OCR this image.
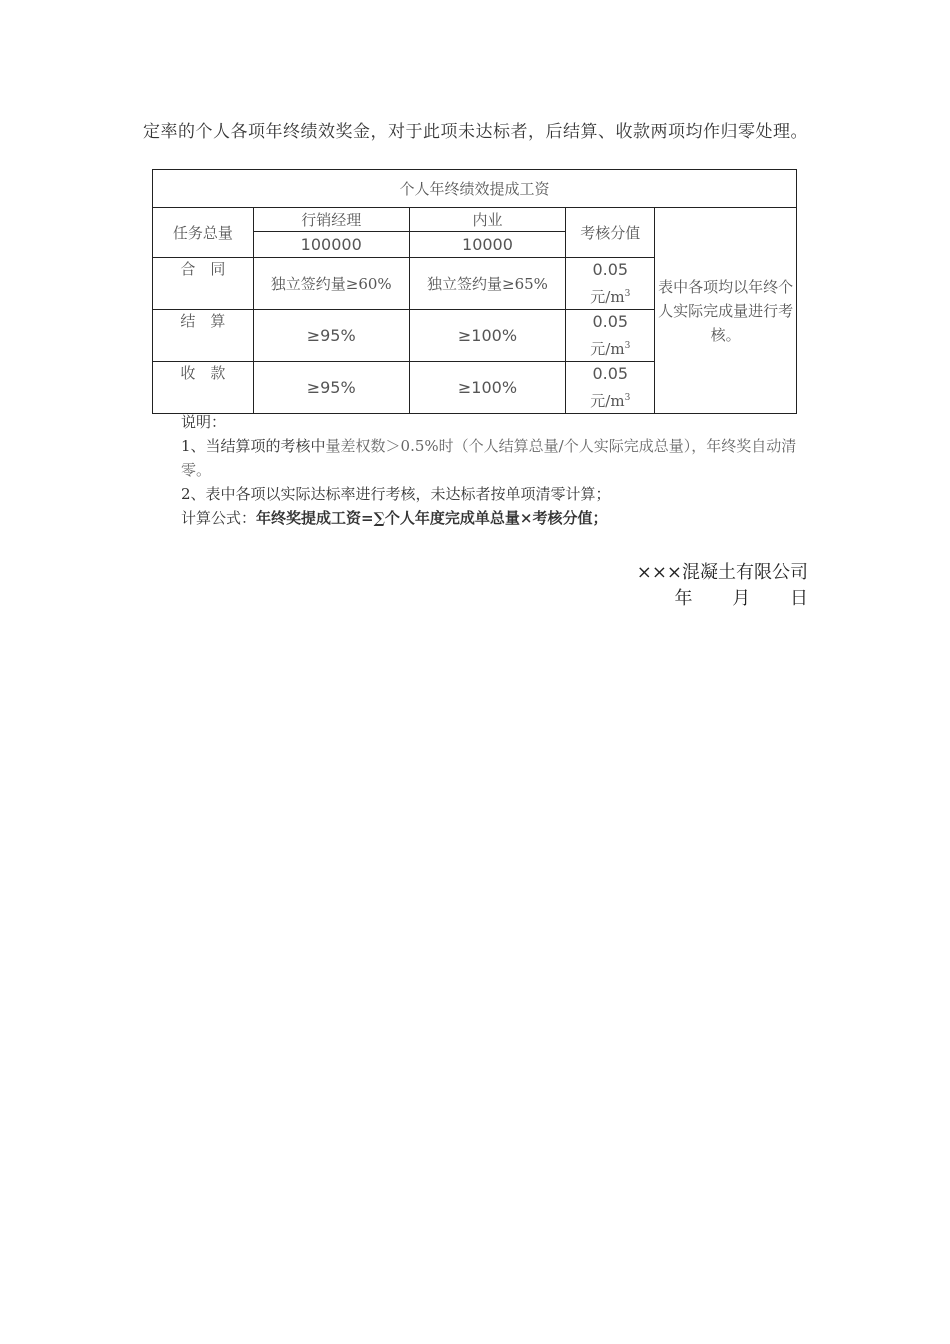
定率的个人各项年终绩效奖金，对于此项未达标者，后结算、收款两项均作归零处理。
个人年终绩效提成工资				
任务总量	行销经理	内业	考核分值	表中各项均以年终个人实际完成量进行考核。
	100000	10000		
合　同	独立签约量≥60%	独立签约量≥65%	0.05
元$/m^3$

结　算	≥95%	≥100%	0.05
元$/m^3$

收　款	≥95%	≥100%	0.05
元$/m^3$
说明：
1、当结算项的考核中量差权数＞0.5%时（个人结算总量/个人实际完成总量），年终奖自动清零。
2、表中各项以实际达标率进行考核，未达标者按单项清零计算；
计算公式：年终奖提成工资=∑个人年度完成单总量×考核分值；
×××混凝土有限公司
年 月 日
